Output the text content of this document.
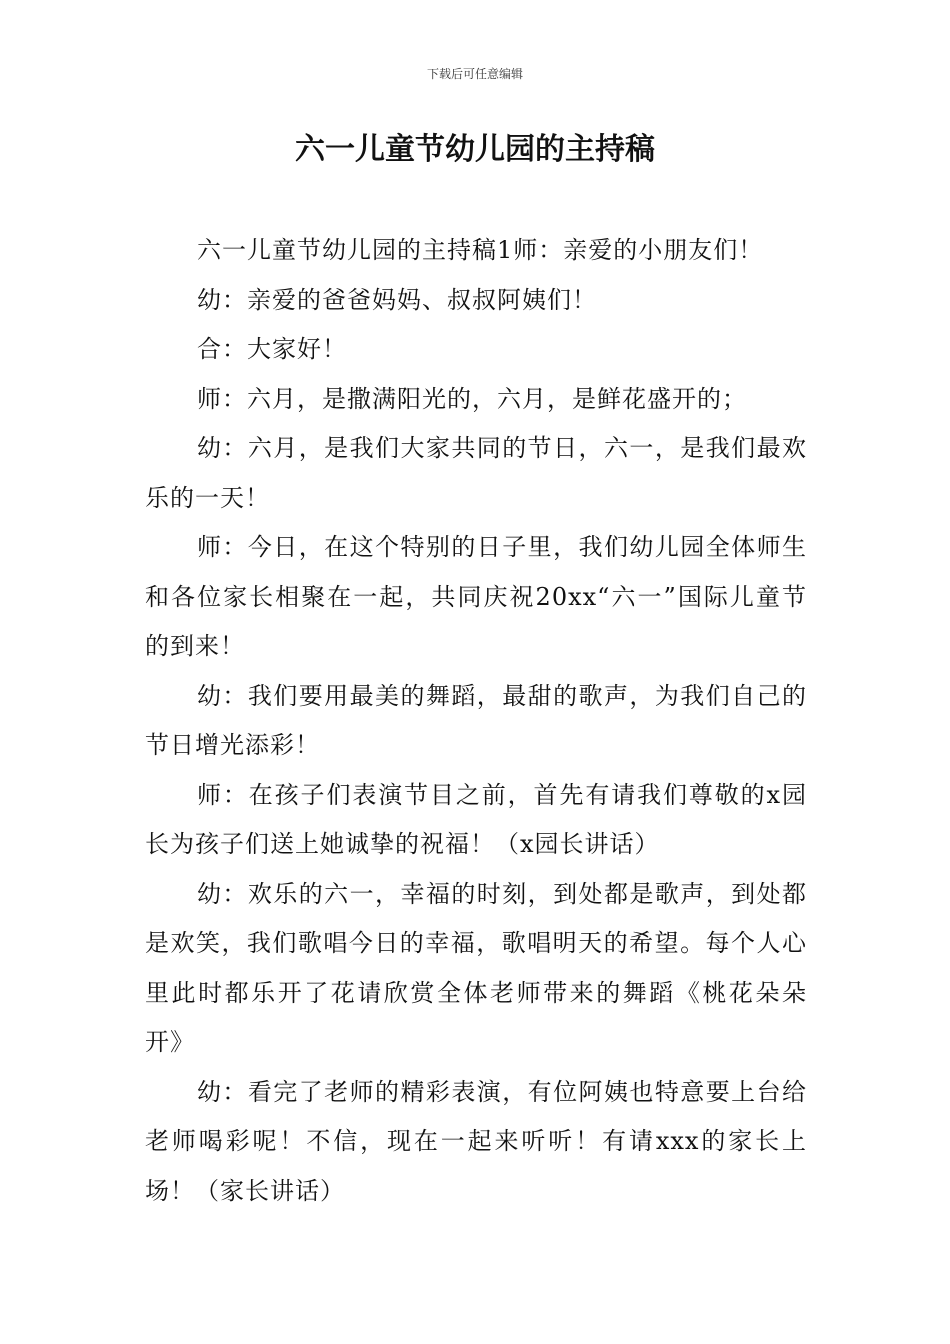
下载后可任意编辑
六一儿童节幼儿园的主持稿

六一儿童节幼儿园的主持稿1师：亲爱的小朋友们！

幼：亲爱的爸爸妈妈、叔叔阿姨们！

合：大家好！

师：六月，是撒满阳光的，六月，是鲜花盛开的；

幼：六月，是我们大家共同的节日，六一，是我们最欢乐的一天！

师：今日，在这个特别的日子里，我们幼儿园全体师生和各位家长相聚在一起，共同庆祝20xx“六一”国际儿童节的到来！

幼：我们要用最美的舞蹈，最甜的歌声，为我们自己的节日增光添彩！

师：在孩子们表演节目之前，首先有请我们尊敬的x园长为孩子们送上她诚挚的祝福！（x园长讲话）

幼：欢乐的六一，幸福的时刻，到处都是歌声，到处都是欢笑，我们歌唱今日的幸福，歌唱明天的希望。每个人心里此时都乐开了花请欣赏全体老师带来的舞蹈《桃花朵朵开》

幼：看完了老师的精彩表演，有位阿姨也特意要上台给老师喝彩呢！不信，现在一起来听听！有请xxx的家长上场！（家长讲话）
